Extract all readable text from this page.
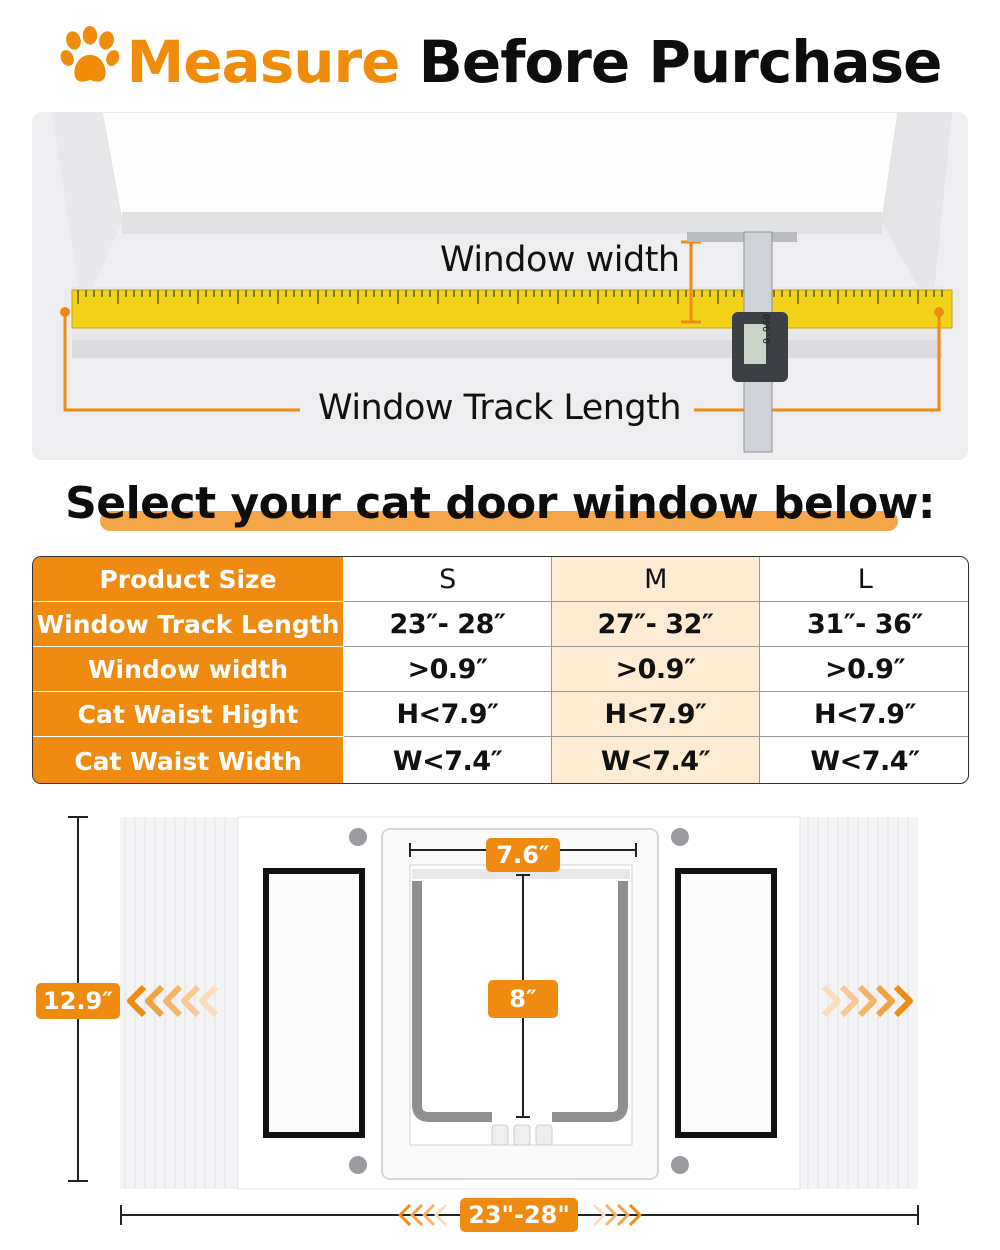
Measure Before Purchase
0.960
Window width
Window Track Length
Select your cat door window below:
Product Size	S	M	L
Window Track Length	23″- 28″	27″- 32″	31″- 36″
Window width	>0.9″	>0.9″	>0.9″
Cat Waist Hight	H<7.9″	H<7.9″	H<7.9″
Cat Waist Width	W<7.4″	W<7.4″	W<7.4″
12.9″
7.6″
8″
23"-28"
